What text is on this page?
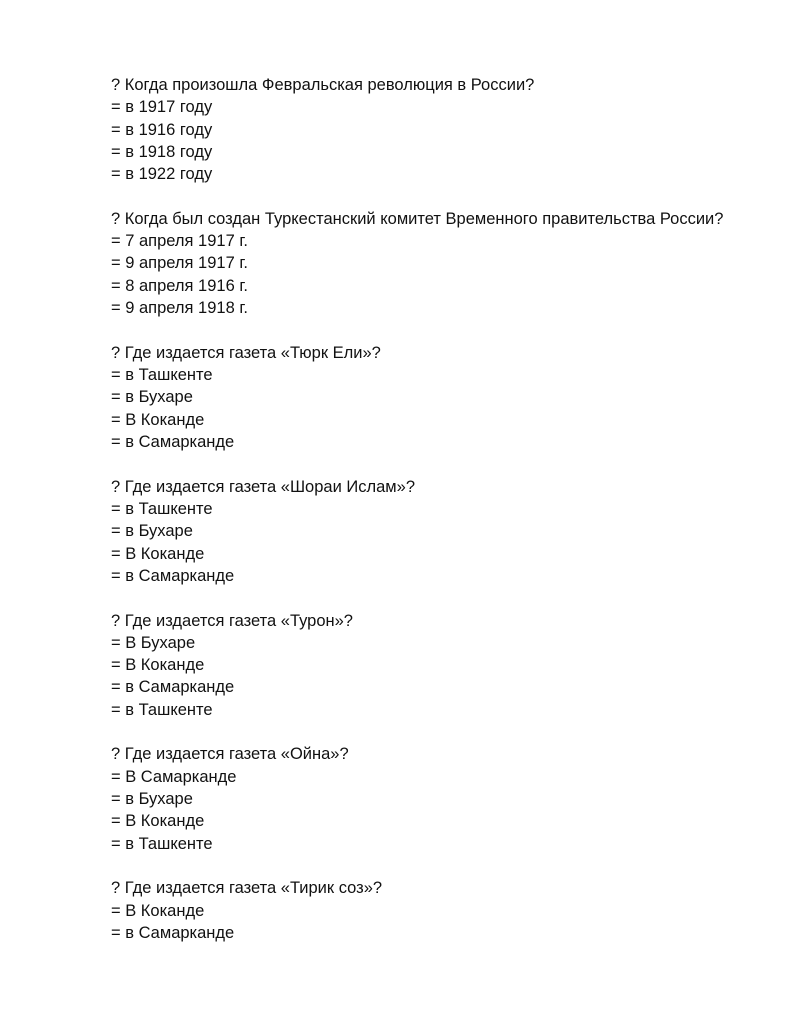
? Когда произошла Февральская революция в России?
= в 1917 году
= в 1916 году
= в 1918 году
= в 1922 году
? Когда был создан Туркестанский комитет Временного правительства России?
= 7 апреля 1917 г.
= 9 апреля 1917 г.
= 8 апреля 1916 г.
= 9 апреля 1918 г.
? Где издается газета «Тюрк Ели»?
= в Ташкенте
= в Бухаре
= В Коканде
= в Самарканде
? Где издается газета «Шораи Ислам»?
= в Ташкенте
= в Бухаре
= В Коканде
= в Самарканде
? Где издается газета «Турон»?
= В Бухаре
= В Коканде
= в Самарканде
= в Ташкенте
? Где издается газета «Ойна»?
= В Самарканде
= в Бухаре
= В Коканде
= в Ташкенте
? Где издается газета «Тирик соз»?
= В Коканде
= в Самарканде
